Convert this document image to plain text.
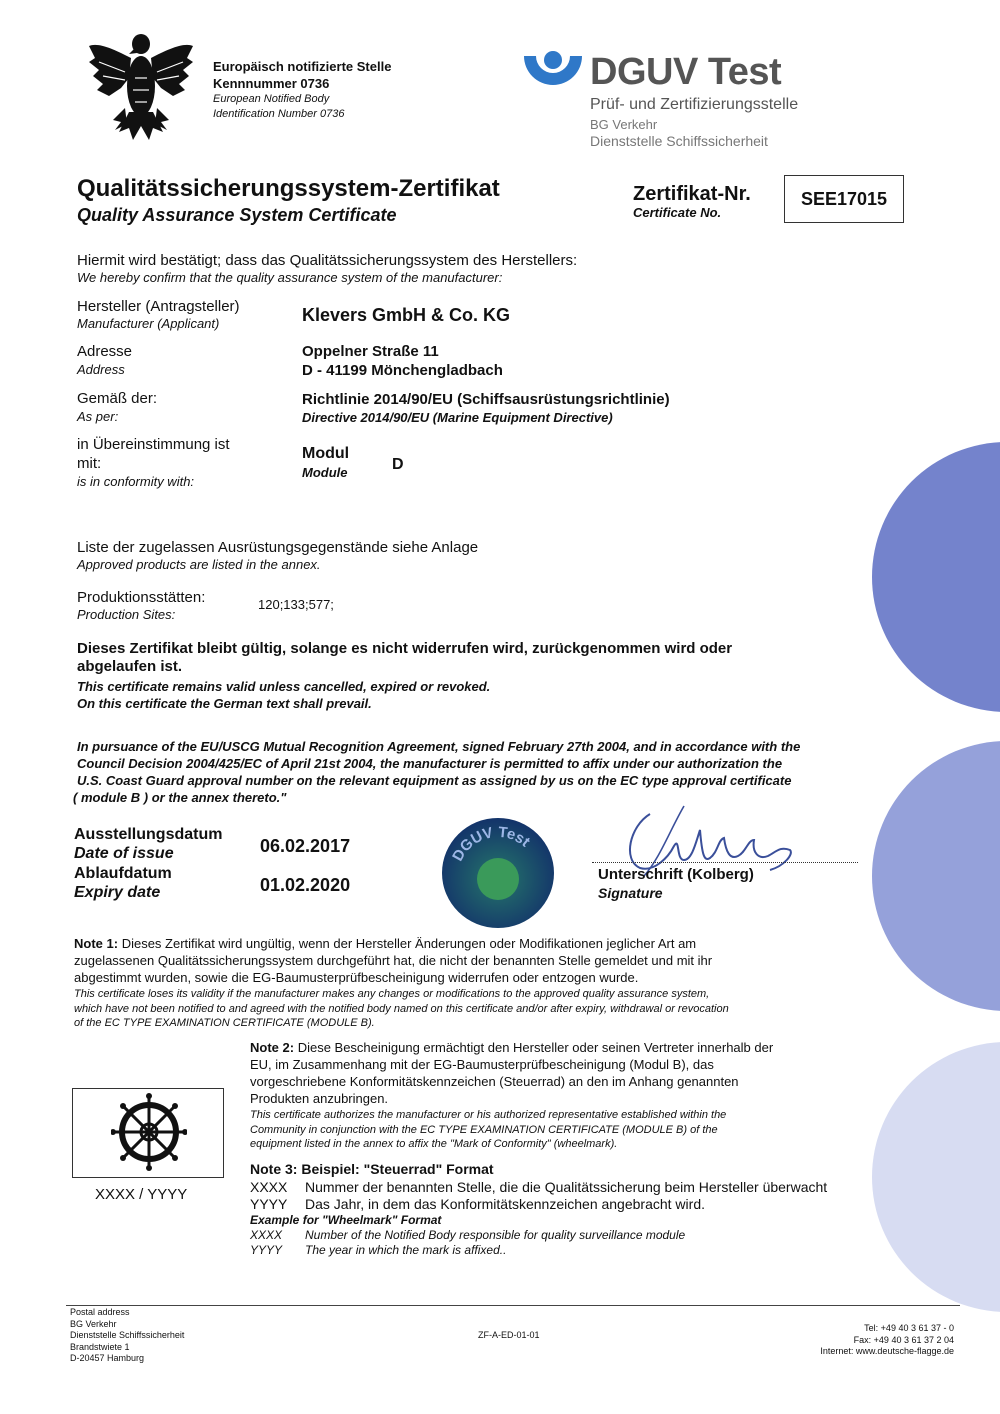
Europäisch notifizierte Stelle
Kennnummer 0736
European Notified Body
Identification Number 0736
DGUV Test
Prüf- und Zertifizierungsstelle
BG Verkehr
Dienststelle Schiffssicherheit
Qualitätssicherungssystem-Zertifikat
Quality Assurance System Certificate
Zertifikat-Nr.
Certificate No.
SEE17015
Hiermit wird bestätigt; dass das Qualitätssicherungssystem des Herstellers:
We hereby confirm that the quality assurance system of the manufacturer:
Hersteller (Antragsteller)
Manufacturer (Applicant)	Klevers GmbH & Co. KG
Adresse
Address
Oppelner Straße 11
D - 41199 Mönchengladbach
Gemäß der:
As per:
Richtlinie 2014/90/EU (Schiffsausrüstungsrichtlinie)
Directive 2014/90/EU (Marine Equipment Directive)
in Übereinstimmung ist
mit:
is in conformity with:
Modul
Module	D
Liste der zugelassen Ausrüstungsgegenstände siehe Anlage
Approved products are listed in the annex.
Produktionsstätten:
Production Sites:
120;133;577;
Dieses Zertifikat bleibt gültig, solange es nicht widerrufen wird, zurückgenommen wird oder
abgelaufen ist.
This certificate remains valid unless cancelled, expired or revoked.
On this certificate the German text shall prevail.
In pursuance of the EU/USCG Mutual Recognition Agreement, signed February 27th 2004, and in accordance with the
Council Decision 2004/425/EC of April 21st 2004, the manufacturer is permitted to affix under our authorization the
U.S. Coast Guard approval number on the relevant equipment as assigned by us on the EC type approval certificate
( module B ) or the annex thereto."
Ausstellungsdatum
Date of issue	06.02.2017
Ablaufdatum
Expiry date	01.02.2020
DGUV Test
Unterschrift (Kolberg)
Signature
Note 1: Dieses Zertifikat wird ungültig, wenn der Hersteller Änderungen oder Modifikationen jeglicher Art am
zugelassenen Qualitätssicherungssystem durchgeführt hat, die nicht der benannten Stelle gemeldet und mit ihr
abgestimmt wurden, sowie die EG-Baumusterprüfbescheinigung widerrufen oder entzogen wurde.
This certificate loses its validity if the manufacturer makes any changes or modifications to the approved quality assurance system,
which have not been notified to and agreed with the notified body named on this certificate and/or after expiry, withdrawal or revocation
of the EC TYPE EXAMINATION CERTIFICATE (MODULE B).
Note 2: Diese Bescheinigung ermächtigt den Hersteller oder seinen Vertreter innerhalb der
EU, im Zusammenhang mit der EG-Baumusterprüfbescheinigung (Modul B), das
vorgeschriebene Konformitätskennzeichen (Steuerrad) an den im Anhang genannten
Produkten anzubringen.
This certificate authorizes the manufacturer or his authorized representative established within the
Community in conjunction with the EC TYPE EXAMINATION CERTIFICATE (MODULE B) of the
equipment listed in the annex to affix the "Mark of Conformity" (wheelmark).
XXXX / YYYY
Note 3: Beispiel: "Steuerrad" Format
XXXX Nummer der benannten Stelle, die die Qualitätssicherung beim Hersteller überwacht
YYYY Das Jahr, in dem das Konformitätskennzeichen angebracht wird.
Example for "Wheelmark" Format
XXXX Number of the Notified Body responsible for quality surveillance module
YYYY The year in which the mark is affixed..
Postal address
BG Verkehr
Dienststelle Schiffssicherheit
Brandstwiete 1
D-20457 Hamburg
ZF-A-ED-01-01
Tel: +49 40 3 61 37 - 0
Fax: +49 40 3 61 37 2 04
Internet: www.deutsche-flagge.de
